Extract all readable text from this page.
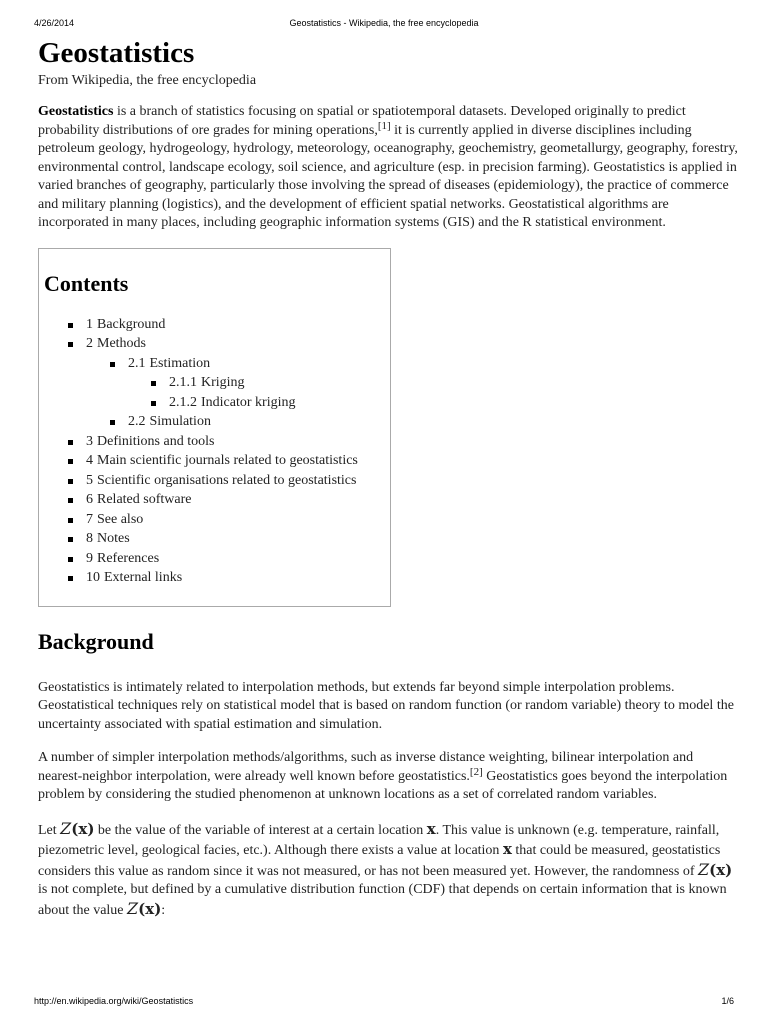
4/26/2014	Geostatistics - Wikipedia, the free encyclopedia
Geostatistics
From Wikipedia, the free encyclopedia

Geostatistics is a branch of statistics focusing on spatial or spatiotemporal datasets. Developed originally to predict probability distributions of ore grades for mining operations,[1] it is currently applied in diverse disciplines including petroleum geology, hydrogeology, hydrology, meteorology, oceanography, geochemistry, geometallurgy, geography, forestry, environmental control, landscape ecology, soil science, and agriculture (esp. in precision farming). Geostatistics is applied in varied branches of geography, particularly those involving the spread of diseases (epidemiology), the practice of commerce and military planning (logistics), and the development of efficient spatial networks. Geostatistical algorithms are incorporated in many places, including geographic information systems (GIS) and the R statistical environment.

Contents
1 Background
2 Methods
2.1 Estimation
2.1.1 Kriging
2.1.2 Indicator kriging
2.2 Simulation
3 Definitions and tools
4 Main scientific journals related to geostatistics
5 Scientific organisations related to geostatistics
6 Related software
7 See also
8 Notes
9 References
10 External links
Background

Geostatistics is intimately related to interpolation methods, but extends far beyond simple interpolation problems. Geostatistical techniques rely on statistical model that is based on random function (or random variable) theory to model the uncertainty associated with spatial estimation and simulation.

A number of simpler interpolation methods/algorithms, such as inverse distance weighting, bilinear interpolation and nearest-neighbor interpolation, were already well known before geostatistics.[2] Geostatistics goes beyond the interpolation problem by considering the studied phenomenon at unknown locations as a set of correlated random variables.

Let Z(x) be the value of the variable of interest at a certain location x. This value is unknown (e.g. temperature, rainfall, piezometric level, geological facies, etc.). Although there exists a value at location x that could be measured, geostatistics considers this value as random since it was not measured, or has not been measured yet. However, the randomness of Z(x) is not complete, but defined by a cumulative distribution function (CDF) that depends on certain information that is known about the value Z(x):

http://en.wikipedia.org/wiki/Geostatistics	1/6
